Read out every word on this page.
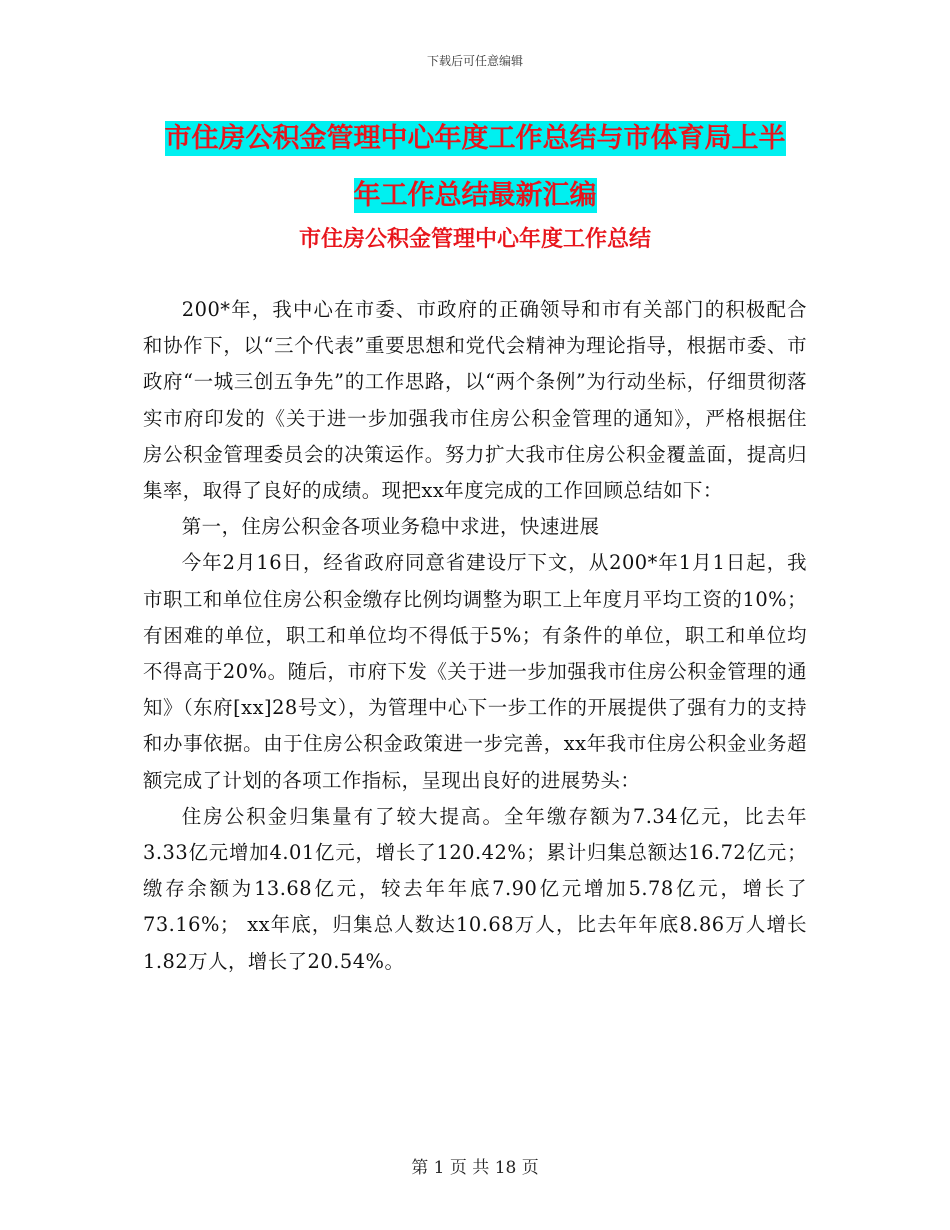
下载后可任意编辑
市住房公积金管理中心年度工作总结与市体育局上半
年工作总结最新汇编
市住房公积金管理中心年度工作总结

200*年，我中心在市委、市政府的正确领导和市有关部门的积极配合和协作下，以“三个代表”重要思想和党代会精神为理论指导，根据市委、市政府“一城三创五争先”的工作思路，以“两个条例”为行动坐标，仔细贯彻落实市府印发的《关于进一步加强我市住房公积金管理的通知》，严格根据住房公积金管理委员会的决策运作。努力扩大我市住房公积金覆盖面，提高归集率，取得了良好的成绩。现把xx年度完成的工作回顾总结如下：

第一，住房公积金各项业务稳中求进，快速进展

今年2月16日，经省政府同意省建设厅下文，从200*年1月1日起，我市职工和单位住房公积金缴存比例均调整为职工上年度月平均工资的10%；有困难的单位，职工和单位均不得低于5%；有条件的单位，职工和单位均不得高于20%。随后，市府下发《关于进一步加强我市住房公积金管理的通知》（东府[xx]28号文），为管理中心下一步工作的开展提供了强有力的支持和办事依据。由于住房公积金政策进一步完善，xx年我市住房公积金业务超额完成了计划的各项工作指标，呈现出良好的进展势头：

住房公积金归集量有了较大提高。全年缴存额为7.34亿元，比去年3.33亿元增加4.01亿元，增长了120.42%；累计归集总额达16.72亿元；缴存余额为13.68亿元，较去年年底7.90亿元增加5.78亿元，增长了73.16%； xx年底，归集总人数达10.68万人，比去年年底8.86万人增长1.82万人，增长了20.54%。

第 1 页 共 18 页
